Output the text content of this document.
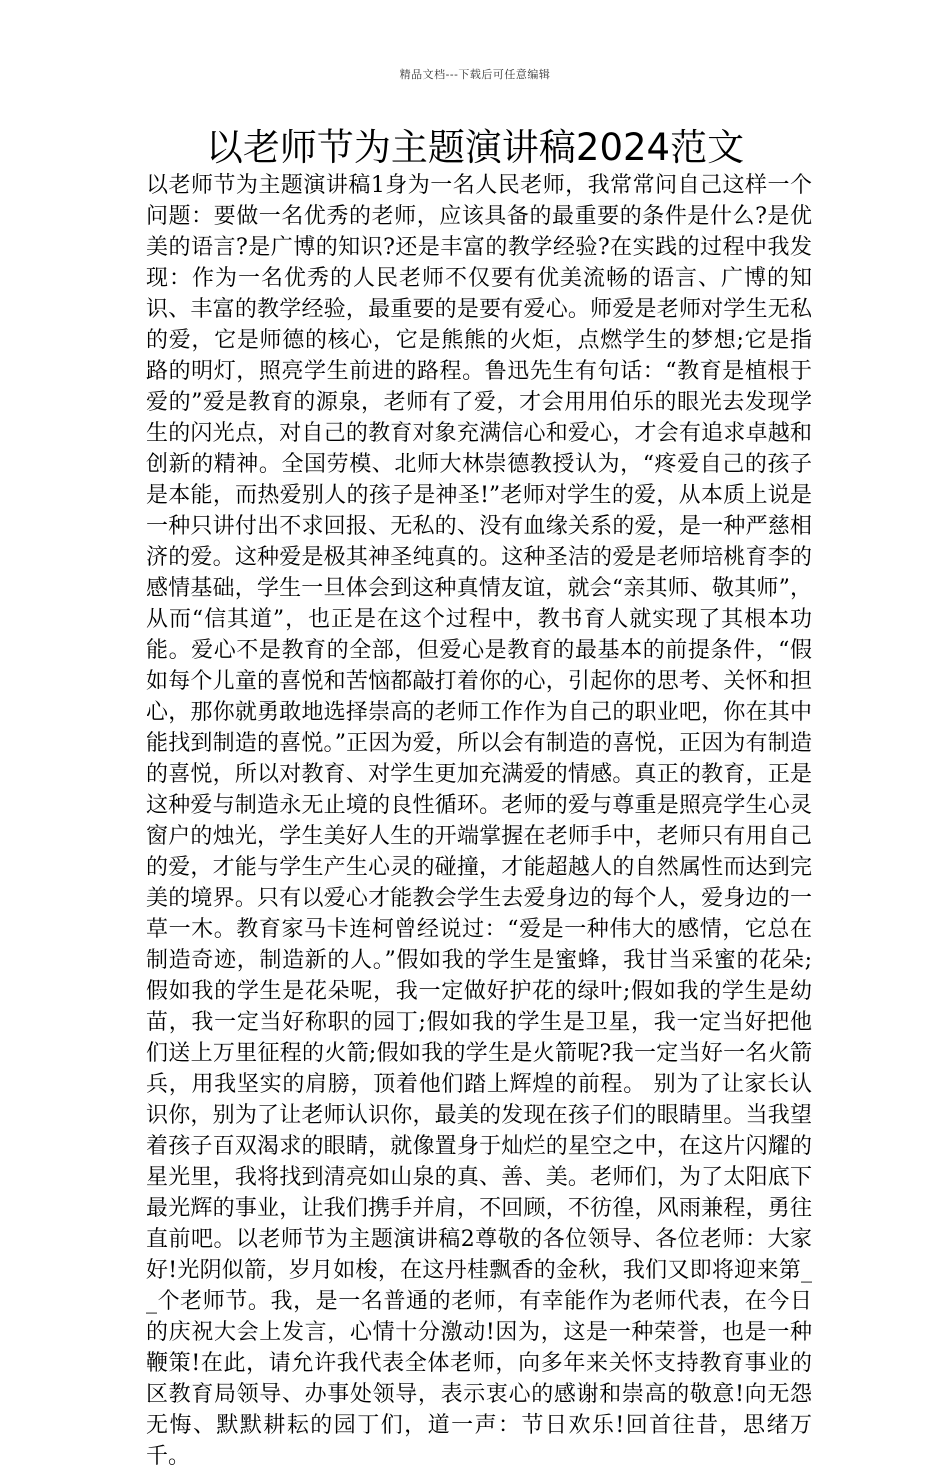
精品文档---下载后可任意编辑
以老师节为主题演讲稿2024范文

以老师节为主题演讲稿1身为一名人民老师，我常常问自己这样一个问题：要做一名优秀的老师，应该具备的最重要的条件是什么?是优美的语言?是广博的知识?还是丰富的教学经验?在实践的过程中我发现：作为一名优秀的人民老师不仅要有优美流畅的语言、广博的知识、丰富的教学经验，最重要的是要有爱心。师爱是老师对学生无私的爱，它是师德的核心，它是熊熊的火炬，点燃学生的梦想;它是指路的明灯，照亮学生前进的路程。鲁迅先生有句话：“教育是植根于爱的”爱是教育的源泉，老师有了爱，才会用用伯乐的眼光去发现学生的闪光点，对自己的教育对象充满信心和爱心，才会有追求卓越和创新的精神。全国劳模、北师大林崇德教授认为，“疼爱自己的孩子是本能，而热爱别人的孩子是神圣!”老师对学生的爱，从本质上说是一种只讲付出不求回报、无私的、没有血缘关系的爱，是一种严慈相济的爱。这种爱是极其神圣纯真的。这种圣洁的爱是老师培桃育李的感情基础，学生一旦体会到这种真情友谊，就会“亲其师、敬其师”，从而“信其道”，也正是在这个过程中，教书育人就实现了其根本功能。爱心不是教育的全部，但爱心是教育的最基本的前提条件，“假如每个儿童的喜悦和苦恼都敲打着你的心，引起你的思考、关怀和担心，那你就勇敢地选择崇高的老师工作作为自己的职业吧，你在其中能找到制造的喜悦。”正因为爱，所以会有制造的喜悦，正因为有制造的喜悦，所以对教育、对学生更加充满爱的情感。真正的教育，正是这种爱与制造永无止境的良性循环。老师的爱与尊重是照亮学生心灵窗户的烛光，学生美好人生的开端掌握在老师手中，老师只有用自己的爱，才能与学生产生心灵的碰撞，才能超越人的自然属性而达到完美的境界。只有以爱心才能教会学生去爱身边的每个人，爱身边的一草一木。教育家马卡连柯曾经说过：“爱是一种伟大的感情，它总在制造奇迹，制造新的人。”假如我的学生是蜜蜂，我甘当采蜜的花朵;假如我的学生是花朵呢，我一定做好护花的绿叶;假如我的学生是幼苗，我一定当好称职的园丁;假如我的学生是卫星，我一定当好把他们送上万里征程的火箭;假如我的学生是火箭呢?我一定当好一名火箭兵，用我坚实的肩膀，顶着他们踏上辉煌的前程。 别为了让家长认识你，别为了让老师认识你，最美的发现在孩子们的眼睛里。当我望着孩子百双渴求的眼睛，就像置身于灿烂的星空之中，在这片闪耀的星光里，我将找到清亮如山泉的真、善、美。老师们，为了太阳底下最光辉的事业，让我们携手并肩，不回顾，不彷徨，风雨兼程，勇往直前吧。以老师节为主题演讲稿2尊敬的各位领导、各位老师：大家好!光阴似箭，岁月如梭，在这丹桂飘香的金秋，我们又即将迎来第__个老师节。我，是一名普通的老师，有幸能作为老师代表，在今日的庆祝大会上发言，心情十分激动!因为，这是一种荣誉，也是一种鞭策!在此，请允许我代表全体老师，向多年来关怀支持教育事业的区教育局领导、办事处领导，表示衷心的感谢和崇高的敬意!向无怨无悔、默默耕耘的园丁们，道一声：节日欢乐!回首往昔，思绪万千。
